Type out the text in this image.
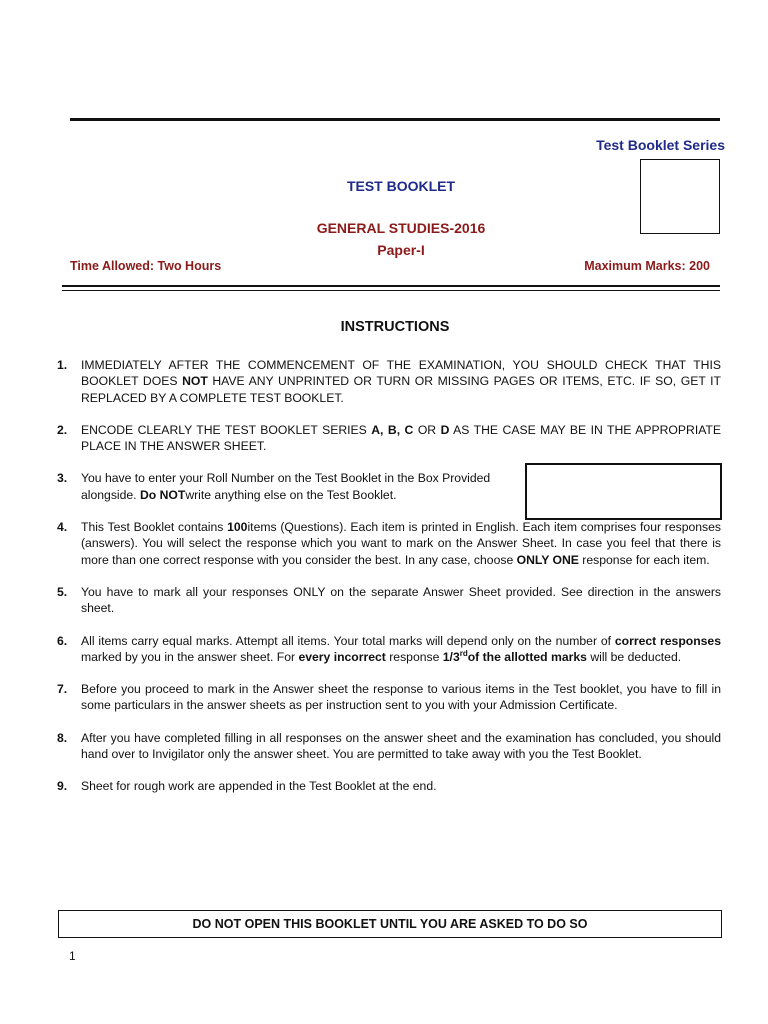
Test Booklet Series
TEST BOOKLET
GENERAL STUDIES-2016
Paper-I
Time Allowed: Two Hours	Maximum Marks: 200
INSTRUCTIONS
1.	IMMEDIATELY AFTER THE COMMENCEMENT OF THE EXAMINATION, YOU SHOULD CHECK THAT THIS BOOKLET DOES NOT HAVE ANY UNPRINTED OR TURN OR MISSING PAGES OR ITEMS, ETC. IF SO, GET IT REPLACED BY A COMPLETE TEST BOOKLET.
2.	ENCODE CLEARLY THE TEST BOOKLET SERIES A, B, C OR D AS THE CASE MAY BE IN THE APPROPRIATE PLACE IN THE ANSWER SHEET.
3.	You have to enter your Roll Number on the Test Booklet in the Box Provided alongside. Do NOTwrite anything else on the Test Booklet.
4.	This Test Booklet contains 100items (Questions). Each item is printed in English. Each item comprises four responses (answers). You will select the response which you want to mark on the Answer Sheet. In case you feel that there is more than one correct response with you consider the best. In any case, choose ONLY ONE response for each item.
5.	You have to mark all your responses ONLY on the separate Answer Sheet provided. See direction in the answers sheet.
6.	All items carry equal marks. Attempt all items. Your total marks will depend only on the number of correct responses marked by you in the answer sheet. For every incorrect response 1/3rdof the allotted marks will be deducted.
7.	Before you proceed to mark in the Answer sheet the response to various items in the Test booklet, you have to fill in some particulars in the answer sheets as per instruction sent to you with your Admission Certificate.
8.	After you have completed filling in all responses on the answer sheet and the examination has concluded, you should hand over to Invigilator only the answer sheet. You are permitted to take away with you the Test Booklet.
9.	Sheet for rough work are appended in the Test Booklet at the end.
DO NOT OPEN THIS BOOKLET UNTIL YOU ARE ASKED TO DO SO
1
